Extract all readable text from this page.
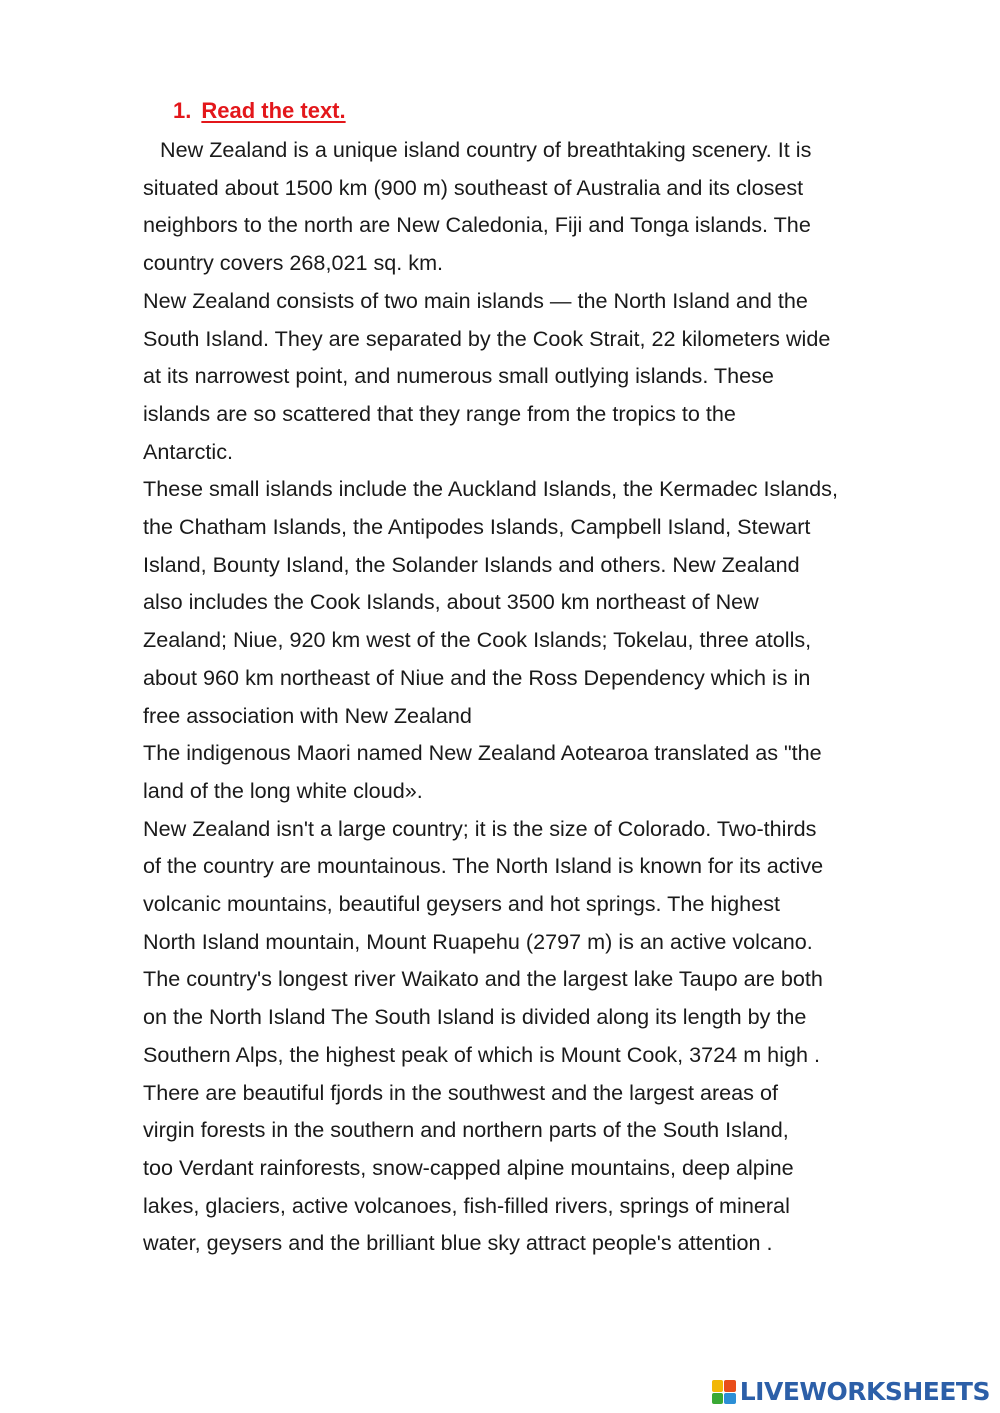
1. Read the text.
New Zealand is a unique island country of breathtaking scenery. It is
situated about 1500 km (900 m) southeast of Australia and its closest
neighbors to the north are New Caledonia, Fiji and Tonga islands. The
country covers 268,021 sq. km.
New Zealand consists of two main islands — the North Island and the
South Island. They are separated by the Cook Strait, 22 kilometers wide
at its narrowest point, and numerous small outlying islands. These
islands are so scattered that they range from the tropics to the
Antarctic.
These small islands include the Auckland Islands, the Kermadec Islands,
the Chatham Islands, the Antipodes Islands, Campbell Island, Stewart
Island, Bounty Island, the Solander Islands and others. New Zealand
also includes the Cook Islands, about 3500 km northeast of New
Zealand; Niue, 920 km west of the Cook Islands; Tokelau, three atolls,
about 960 km northeast of Niue and the Ross Dependency which is in
free association with New Zealand
The indigenous Maori named New Zealand Aotearoa translated as "the
land of the long white cloud».
New Zealand isn't a large country; it is the size of Colorado. Two-thirds
of the country are mountainous. The North Island is known for its active
volcanic mountains, beautiful geysers and hot springs. The highest
North Island mountain, Mount Ruapehu (2797 m) is an active volcano.
The country's longest river Waikato and the largest lake Taupo are both
on the North Island The South Island is divided along its length by the
Southern Alps, the highest peak of which is Mount Cook, 3724 m high .
There are beautiful fjords in the southwest and the largest areas of
virgin forests in the southern and northern parts of the South Island,
too Verdant rainforests, snow-capped alpine mountains, deep alpine
lakes, glaciers, active volcanoes, fish-filled rivers, springs of mineral
water, geysers and the brilliant blue sky attract people's attention .
LIVEWORKSHEETS
